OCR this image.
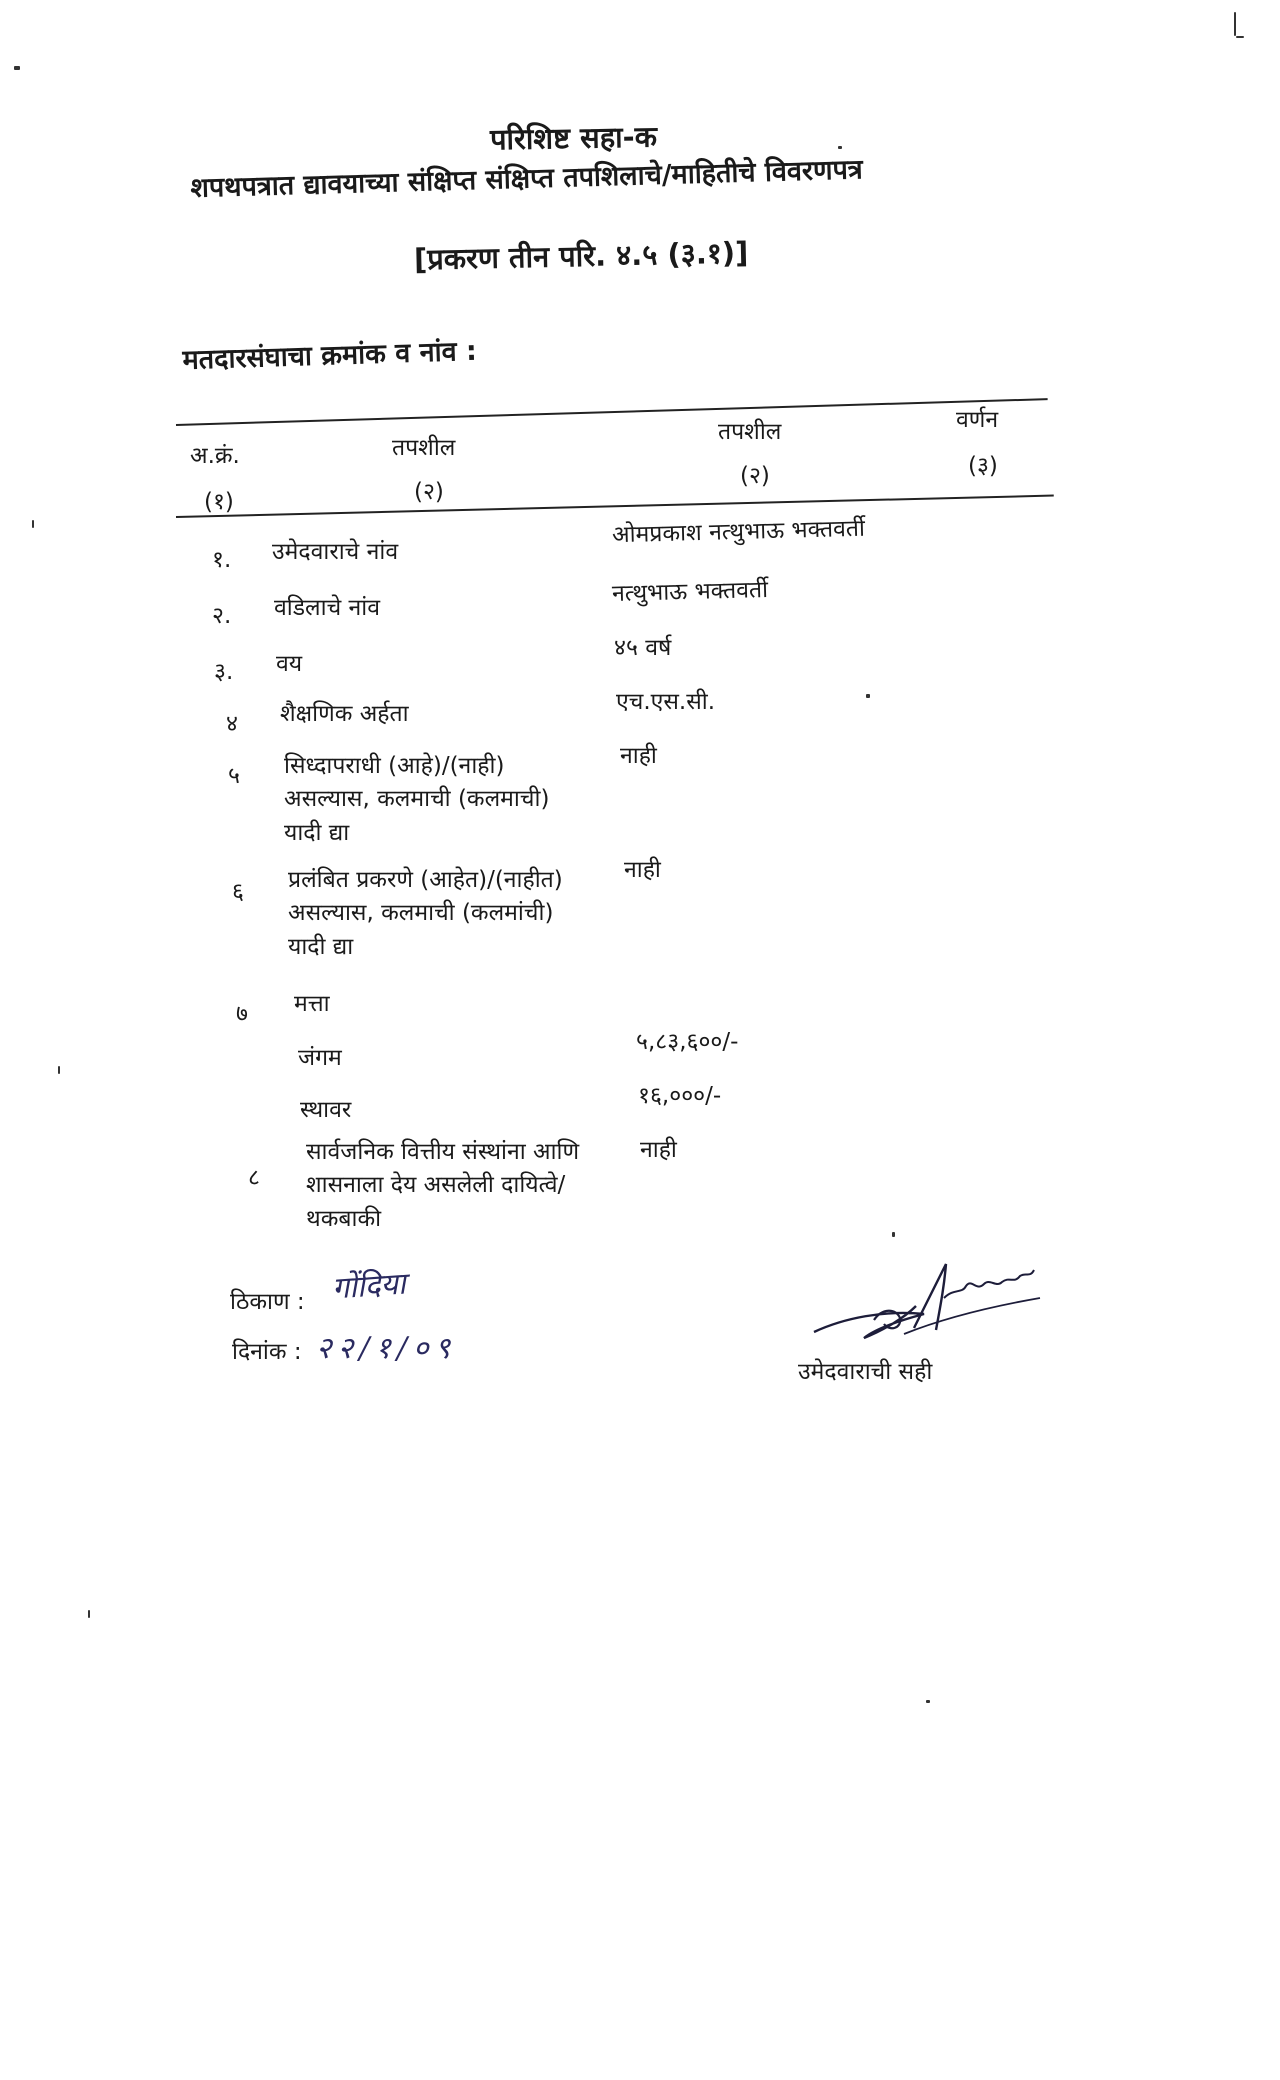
परिशिष्ट सहा-क
शपथपत्रात द्यावयाच्या संक्षिप्त संक्षिप्त तपशिलाचे/माहितीचे विवरणपत्र
[प्रकरण तीन परि. ४.५ (३.१)]
मतदारसंघाचा क्रमांक व नांव :
अ.क्रं.
(१)
तपशील
(२)
तपशील
(२)
वर्णन
(३)
१. उमेदवाराचे नांव
ओमप्रकाश नत्थुभाऊ भक्तवर्ती
२. वडिलाचे नांव
नत्थुभाऊ भक्तवर्ती
३. वय
४५ वर्ष
४ शैक्षणिक अर्हता	एच.एस.सी.
५ सिध्दापराधी (आहे)/(नाही) असल्यास, कलमाची (कलमाची) यादी द्या
नाही
६ प्रलंबित प्रकरणे (आहेत)/(नाहीत) असल्यास, कलमाची (कलमांची) यादी द्या
नाही
७ मत्ता
जंगम
५,८३,६००/-
स्थावर
१६,०००/-
८
सार्वजनिक वित्तीय संस्थांना आणि शासनाला देय असलेली दायित्वे/थकबाकी
नाही
ठिकाण : गोंदिया
दिनांक : २२/१/०९
उमेदवाराची सही
